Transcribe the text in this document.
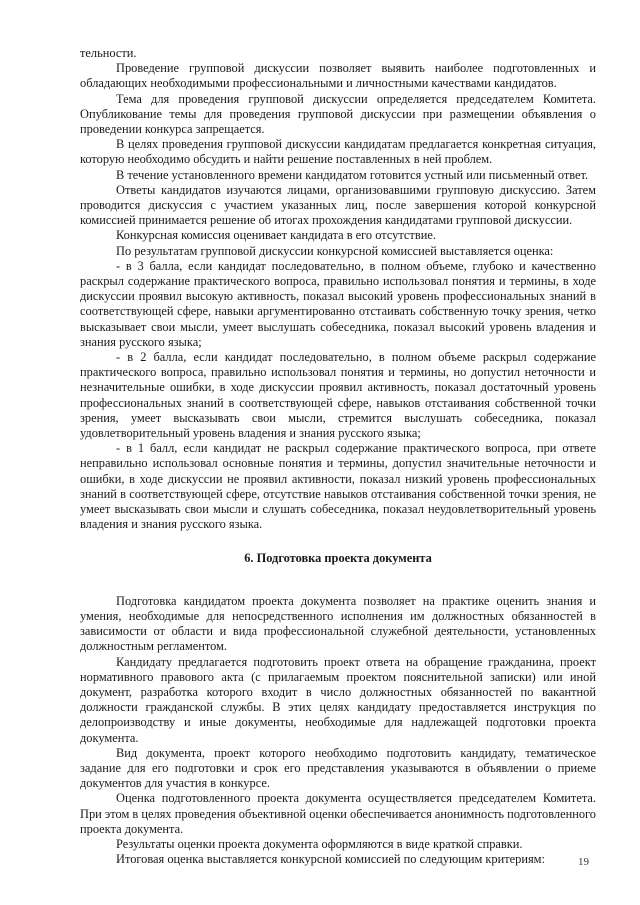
тельности.

Проведение групповой дискуссии позволяет выявить наиболее подготовленных и обладающих необходимыми профессиональными и личностными качествами кандидатов.

Тема для проведения групповой дискуссии определяется председателем Комитета. Опубликование темы для проведения групповой дискуссии при размещении объявления о проведении конкурса запрещается.

В целях проведения групповой дискуссии кандидатам предлагается конкретная ситуация, которую необходимо обсудить и найти решение поставленных в ней проблем.

В течение установленного времени кандидатом готовится устный или письменный ответ.

Ответы кандидатов изучаются лицами, организовавшими групповую дискуссию. Затем проводится дискуссия с участием указанных лиц, после завершения которой конкурсной комиссией принимается решение об итогах прохождения кандидатами групповой дискуссии.

Конкурсная комиссия оценивает кандидата в его отсутствие.

По результатам групповой дискуссии конкурсной комиссией выставляется оценка:

- в 3 балла, если кандидат последовательно, в полном объеме, глубоко и качественно раскрыл содержание практического вопроса, правильно использовал понятия и термины, в ходе дискуссии проявил высокую активность, показал высокий уровень профессиональных знаний в соответствующей сфере, навыки аргументированно отстаивать собственную точку зрения, четко высказывает свои мысли, умеет выслушать собеседника, показал высокий уровень владения и знания русского языка;

- в 2 балла, если кандидат последовательно, в полном объеме раскрыл содержание практического вопроса, правильно использовал понятия и термины, но допустил неточности и незначительные ошибки, в ходе дискуссии проявил активность, показал достаточный уровень профессиональных знаний в соответствующей сфере, навыков отстаивания собственной точки зрения, умеет высказывать свои мысли, стремится выслушать собеседника, показал удовлетворительный уровень владения и знания русского языка;

- в 1 балл, если кандидат не раскрыл содержание практического вопроса, при ответе неправильно использовал основные понятия и термины, допустил значительные неточности и ошибки, в ходе дискуссии не проявил активности, показал низкий уровень профессиональных знаний в соответствующей сфере, отсутствие навыков отстаивания собственной точки зрения, не умеет высказывать свои мысли и слушать собеседника, показал неудовлетворительный уровень владения и знания русского языка.

6. Подготовка проекта документа

Подготовка кандидатом проекта документа позволяет на практике оценить знания и умения, необходимые для непосредственного исполнения им должностных обязанностей в зависимости от области и вида профессиональной служебной деятельности, установленных должностным регламентом.

Кандидату предлагается подготовить проект ответа на обращение гражданина, проект нормативного правового акта (с прилагаемым проектом пояснительной записки) или иной документ, разработка которого входит в число должностных обязанностей по вакантной должности гражданской службы. В этих целях кандидату предоставляется инструкция по делопроизводству и иные документы, необходимые для надлежащей подготовки проекта документа.

Вид документа, проект которого необходимо подготовить кандидату, тематическое задание для его подготовки и срок его представления указываются в объявлении о приеме документов для участия в конкурсе.

Оценка подготовленного проекта документа осуществляется председателем Комитета. При этом в целях проведения объективной оценки обеспечивается анонимность подготовленного проекта документа.

Результаты оценки проекта документа оформляются в виде краткой справки.

Итоговая оценка выставляется конкурсной комиссией по следующим критериям:	19
